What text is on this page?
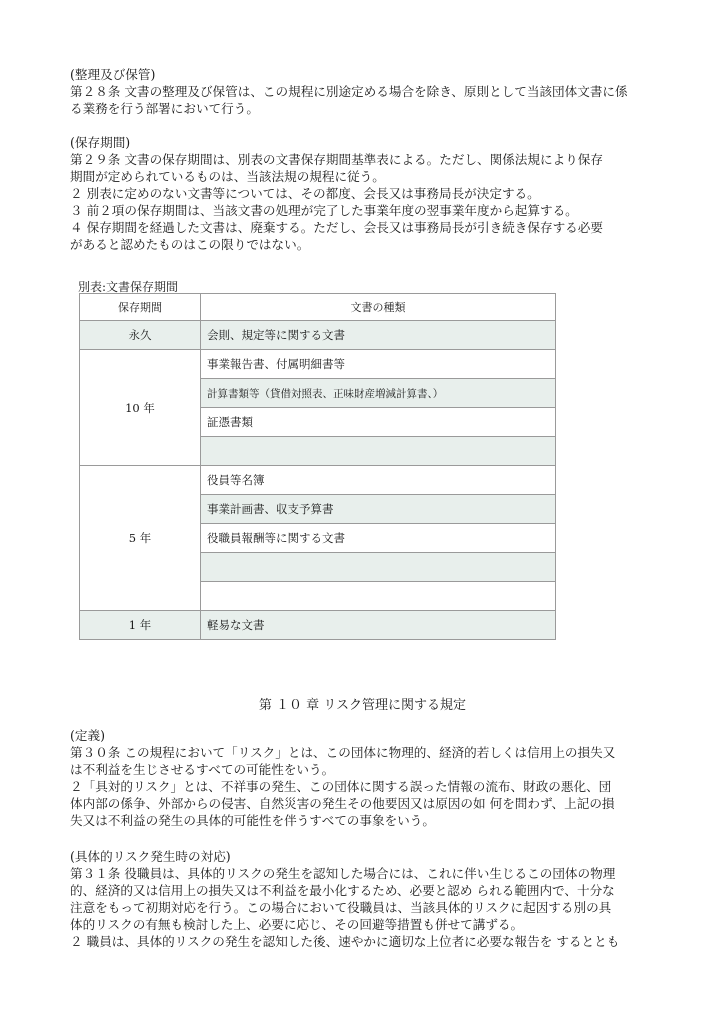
(整理及び保管)

第２８条 文書の整理及び保管は、この規程に別途定める場合を除き、原則として当該団体文書に係

る業務を行う部署において行う。

(保存期間)

第２９条 文書の保存期間は、別表の文書保存期間基準表による。ただし、関係法規により保存

期間が定められているものは、当該法規の規程に従う。

２ 別表に定めのない文書等については、その都度、会長又は事務局長が決定する。

３ 前２項の保存期間は、当該文書の処理が完了した事業年度の翌事業年度から起算する。

４ 保存期間を経過した文書は、廃棄する。ただし、会長又は事務局長が引き続き保存する必要

があると認めたものはこの限りではない。

別表:文書保存期間
保存期間	文書の種類
永久	会則、規定等に関する文書
10 年	事業報告書、付属明細書等
	計算書類等（貸借対照表、正味財産増減計算書、）
	証憑書類

5 年	役員等名簿
	事業計画書、収支予算書
	役職員報酬等に関する文書

1 年	軽易な文書
第 １０ 章 リスク管理に関する規定

(定義)

第３０条 この規程において「リスク」とは、この団体に物理的、経済的若しくは信用上の損失又

は不利益を生じさせるすべての可能性をいう。

２「具対的リスク」とは、不祥事の発生、この団体に関する誤った情報の流布、財政の悪化、団

体内部の係争、外部からの侵害、自然災害の発生その他要因又は原因の如 何を問わず、上記の損

失又は不利益の発生の具体的可能性を伴うすべての事象をいう。

(具体的リスク発生時の対応)

第３１条 役職員は、具体的リスクの発生を認知した場合には、これに伴い生じるこの団体の物理

的、経済的又は信用上の損失又は不利益を最小化するため、必要と認め られる範囲内で、十分な

注意をもって初期対応を行う。この場合において役職員は、当該具体的リスクに起因する別の具

体的リスクの有無も検討した上、必要に応じ、その回避等措置も併せて講ずる。

２ 職員は、具体的リスクの発生を認知した後、速やかに適切な上位者に必要な報告を するととも
